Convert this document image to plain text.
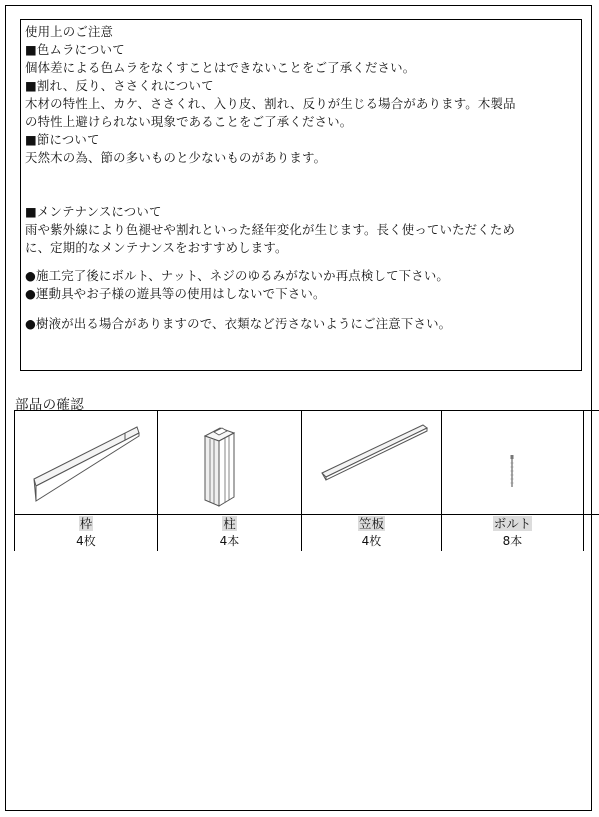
使用上のご注意
■色ムラについて
個体差による色ムラをなくすことはできないことをご了承ください。
■割れ、反り、ささくれについて
木材の特性上、カケ、ささくれ、入り皮、割れ、反りが生じる場合があります。木製品
の特性上避けられない現象であることをご了承ください。
■節について
天然木の為、節の多いものと少ないものがあります。
■メンテナンスについて
雨や紫外線により色褪せや割れといった経年変化が生じます。長く使っていただくため
に、定期的なメンテナンスをおすすめします。
●施工完了後にボルト、ナット、ネジのゆるみがないか再点検して下さい。
●運動具やお子様の遊具等の使用はしないで下さい。
●樹液が出る場合がありますので、衣類など汚さないようにご注意下さい。
部品の確認
枠
4枚
柱
4本
笠板
4枚
ボルト
8本
